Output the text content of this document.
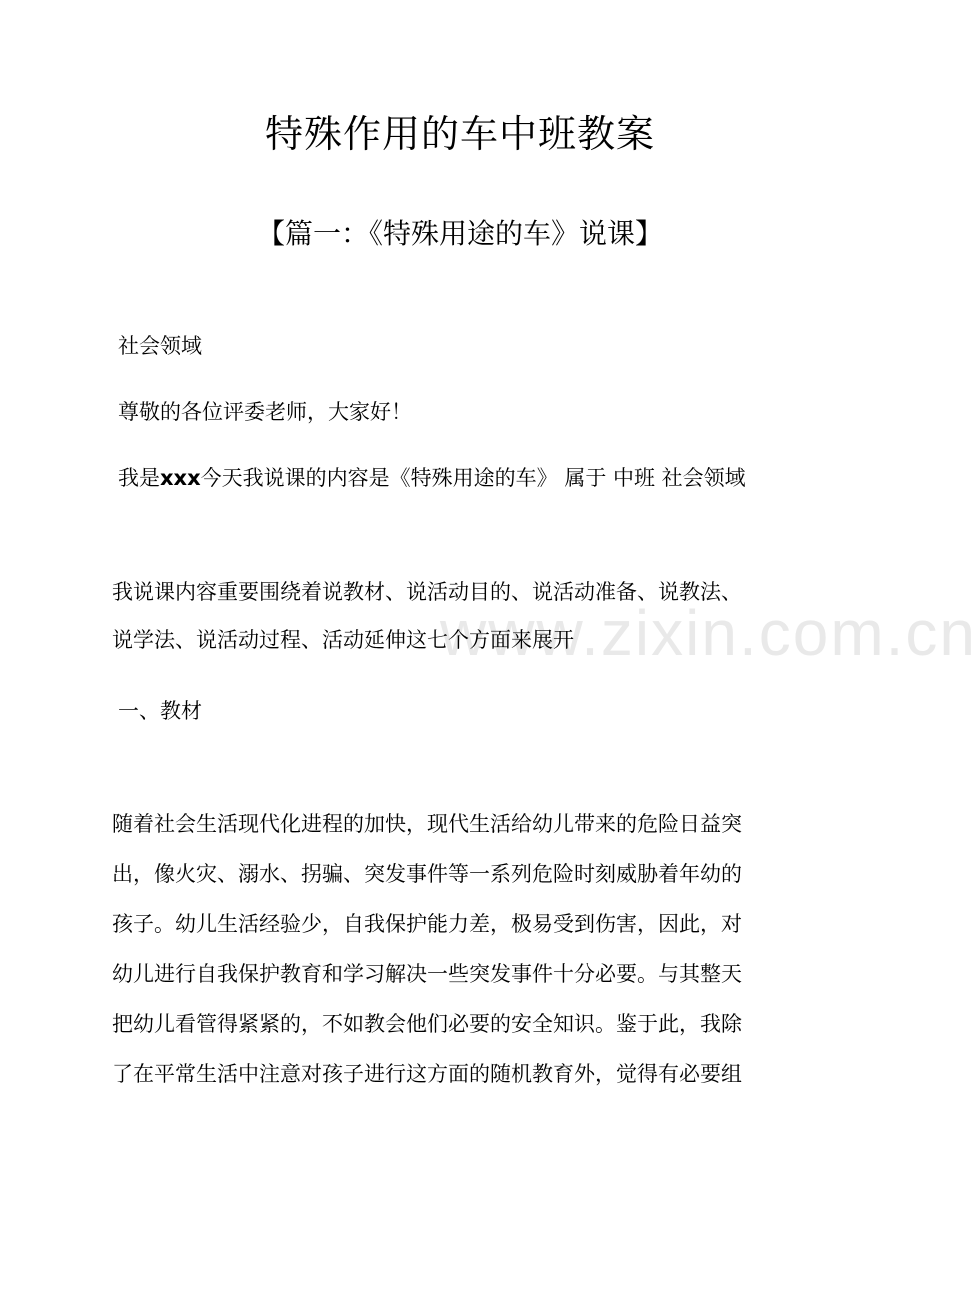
www.zixin.com.cn
特殊作用的车中班教案
【篇一：《特殊用途的车》说课】
社会领域
尊敬的各位评委老师，大家好！
我是xxx今天我说课的内容是《特殊用途的车》 属于 中班 社会领域
我说课内容重要围绕着说教材、说活动目的、说活动准备、说教法、
说学法、说活动过程、活动延伸这七个方面来展开
一、教材
随着社会生活现代化进程的加快，现代生活给幼儿带来的危险日益突
出，像火灾、溺水、拐骗、突发事件等一系列危险时刻威胁着年幼的
孩子。幼儿生活经验少，自我保护能力差，极易受到伤害，因此，对
幼儿进行自我保护教育和学习解决一些突发事件十分必要。与其整天
把幼儿看管得紧紧的，不如教会他们必要的安全知识。鉴于此，我除
了在平常生活中注意对孩子进行这方面的随机教育外，觉得有必要组
